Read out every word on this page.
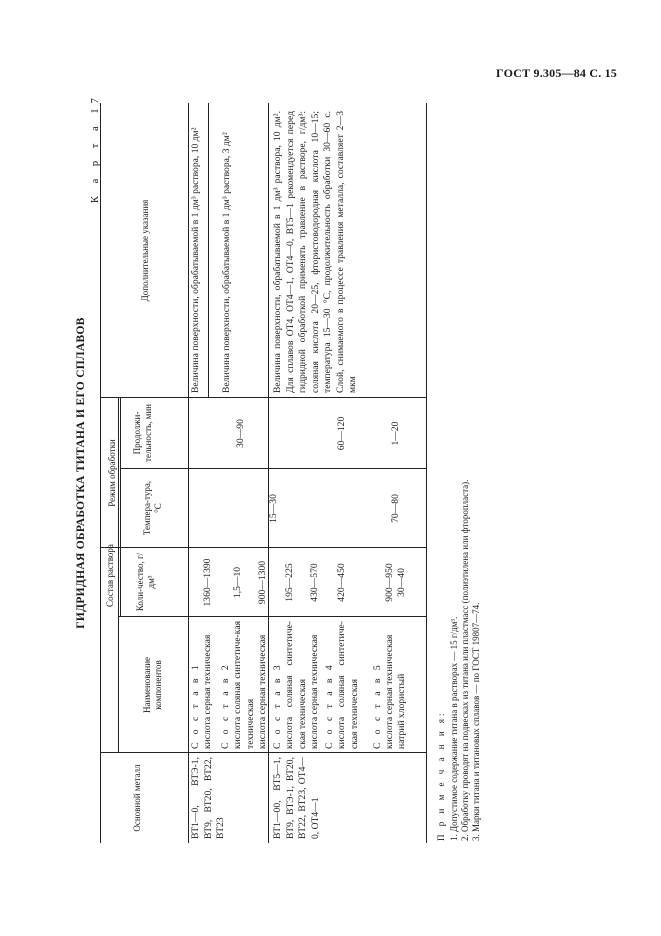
ГОСТ 9.305—84 С. 15
ГИДРИДНАЯ ОБРАБОТКА ТИТАНА И ЕГО СПЛАВОВ
К а р т а 17
Основной металл
Состав раствора
Наименование компонентов
Коли-чество, г/дм³
Режим обработки
Темпера-тура, °С
Продолжи-тельность, мин
Дополнительные указания
ВТ1—0, ВТЭ-1, ВТ9, ВТ20, ВТ22, ВТ23
С о с т а в 1 кислота серная техническая
1360—1390
С о с т а в 2 кислота соляная синтетиче-кая техническая кислота серная техническая
1,5—10 900—1300
15—30
30—90
Величина поверхности, обрабатываемой в 1 дм³ раствора, 10 дм² Величина поверхности, обрабатываемой в 1 дм³ раствора, 3 дм²
ВТ1—00, ВТ5—1, ВТ9, ВТЭ-1, ВТ20, ВТ22, ВТ23, ОТ4—0, ОТ4—1
С о с т а в 3 кислота соляная синтетиче-ская техническая кислота серная техническая
195—225 430—570
С о с т а в 4 кислота соляная синтетиче-ская техническая
420—450
60—120
С о с т а в 5 кислота серная техническая натрий хлористый
900—950 30—40
70—80
1—20
Величина поверхности, обрабатываемой в 1 дм³ раствора, 10 дм². Для сплавов ОТ4, ОТ4—1, ОТ4—0, ВТ5—1 рекомендуется перед гидридной обработкой применять травление в растворе, г/дм³: соляная кислота 20—25, фтористоводородная кислота 10—15; температура 15—30 °С, продолжительность обработки 30—60 с. Слой, снимаемого в процессе травления металла, составляет 2—3 мкм
П р и м е ч а н и я: 1. Допустимое содержание титана в растворах — 15 г/дм³. 2. Обработку проводят на подвесках из титана или пластмасс (полиэтилена или фторопласта). 3. Марки титана и титановых сплавов — по ГОСТ 19807—74.
